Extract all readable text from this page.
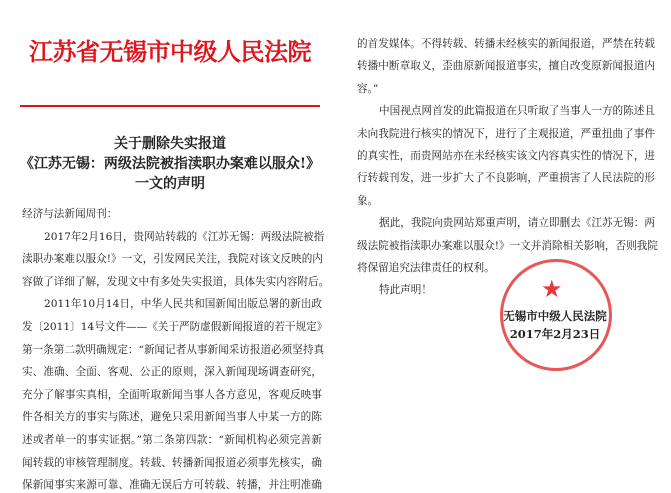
江苏省无锡市中级人民法院
关于删除失实报道
《江苏无锡：两级法院被指渎职办案难以服众!》
一文的声明
经济与法新闻周刊：
2017年2月16日，贵网站转载的《江苏无锡：两级法院被指
渎职办案难以服众!》一文，引发网民关注，我院对该文反映的内
容做了详细了解，发现文中有多处失实报道，具体失实内容附后。
2011年10月14日，中华人民共和国新闻出版总署的新出政
发〔2011〕14号文件——《关于严防虚假新闻报道的若干规定》
第一条第二款明确规定：“新闻记者从事新闻采访报道必须坚持真
实、准确、全面、客观、公正的原则，深入新闻现场调查研究，
充分了解事实真相，全面听取新闻当事人各方意见，客观反映事
件各相关方的事实与陈述，避免只采用新闻当事人中某一方的陈
述或者单一的事实证据。”第二条第四款：“新闻机构必须完善新
闻转载的审核管理制度。转载、转播新闻报道必须事先核实，确
保新闻事实来源可靠、准确无误后方可转载、转播，并注明准确
的首发媒体。不得转载、转播未经核实的新闻报道，严禁在转载
转播中断章取义，歪曲原新闻报道事实，擅自改变原新闻报道内
容。”
中国视点网首发的此篇报道在只听取了当事人一方的陈述且
未向我院进行核实的情况下，进行了主观报道，严重扭曲了事件
的真实性，而贵网站亦在未经核实该文内容真实性的情况下，进
行转载刊发，进一步扩大了不良影响，严重损害了人民法院的形
象。
据此，我院向贵网站郑重声明，请立即删去《江苏无锡：两
级法院被指渎职办案难以服众!》一文并消除相关影响，否则我院
将保留追究法律责任的权利。
特此声明！	★
无锡市中级人民法院
2017年2月23日
